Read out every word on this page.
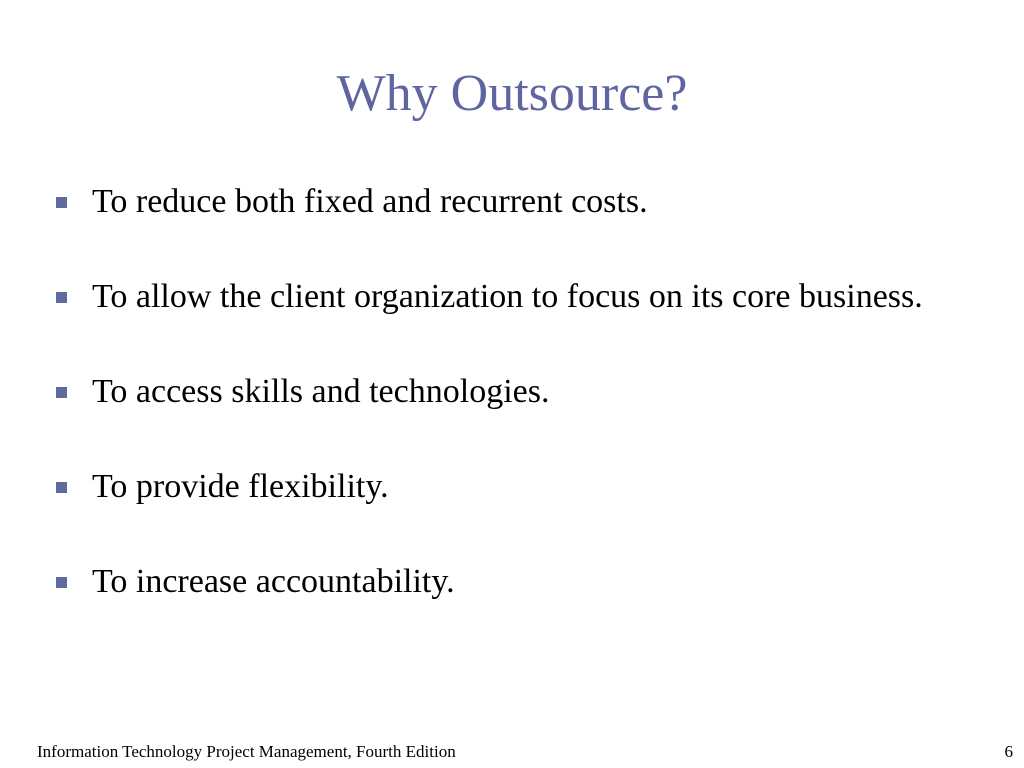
Why Outsource?
To reduce both fixed and recurrent costs.
To allow the client organization to focus on its core business.
To access skills and technologies.
To provide flexibility.
To increase accountability.
Information Technology Project Management, Fourth Edition	6
